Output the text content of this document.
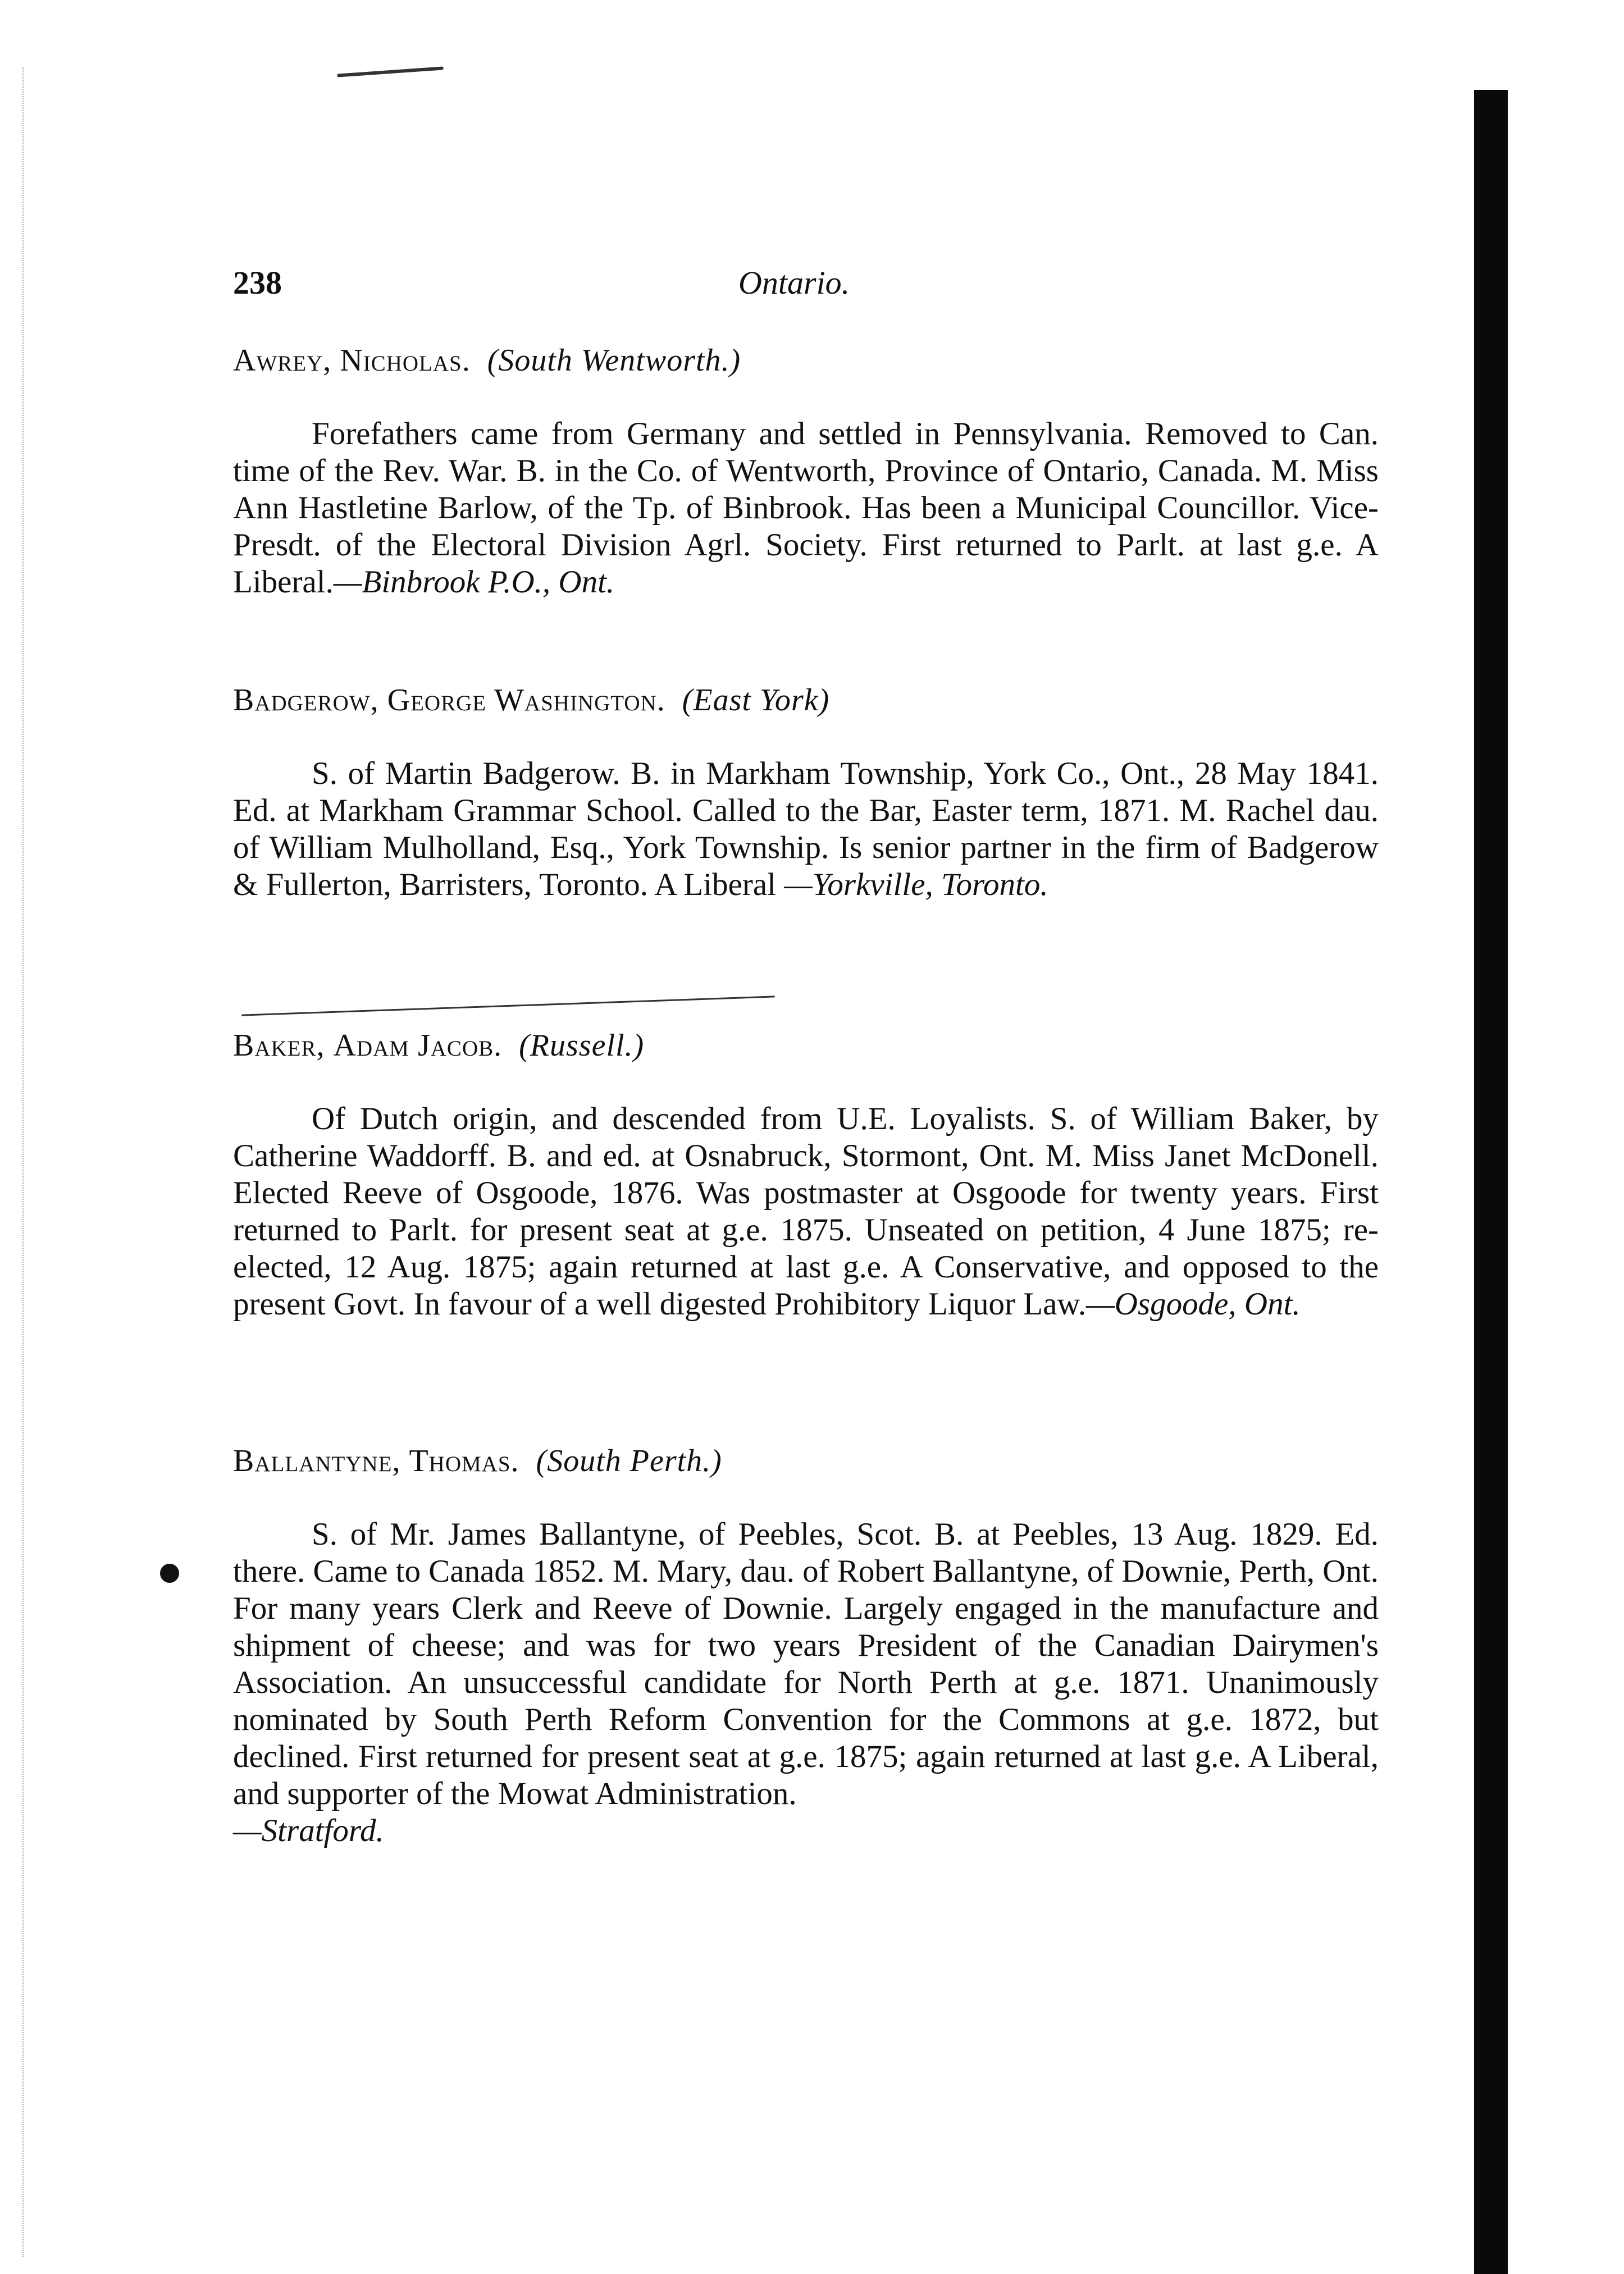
238	Ontario.
Awrey, Nicholas. (South Wentworth.)
Forefathers came from Germany and settled in Pennsylvania. Removed to Can. time of the Rev. War. B. in the Co. of Wentworth, Province of Ontario, Canada. M. Miss Ann Hastletine Barlow, of the Tp. of Binbrook. Has been a Municipal Councillor. Vice-Presdt. of the Electoral Division Agrl. Society. First returned to Parlt. at last g.e. A Liberal.—Binbrook P.O., Ont.
Badgerow, George Washington. (East York)
S. of Martin Badgerow. B. in Markham Township, York Co., Ont., 28 May 1841. Ed. at Markham Grammar School. Called to the Bar, Easter term, 1871. M. Rachel dau. of William Mulholland, Esq., York Township. Is senior partner in the firm of Badgerow & Fullerton, Barristers, Toronto. A Liberal —Yorkville, Toronto.
Baker, Adam Jacob. (Russell.)
Of Dutch origin, and descended from U.E. Loyalists. S. of William Baker, by Catherine Waddorff. B. and ed. at Osnabruck, Stormont, Ont. M. Miss Janet McDonell. Elected Reeve of Osgoode, 1876. Was postmaster at Osgoode for twenty years. First returned to Parlt. for present seat at g.e. 1875. Unseated on petition, 4 June 1875; re-elected, 12 Aug. 1875; again returned at last g.e. A Conservative, and opposed to the present Govt. In favour of a well digested Prohibitory Liquor Law.—Osgoode, Ont.
Ballantyne, Thomas. (South Perth.)
S. of Mr. James Ballantyne, of Peebles, Scot. B. at Peebles, 13 Aug. 1829. Ed. there. Came to Canada 1852. M. Mary, dau. of Robert Ballantyne, of Downie, Perth, Ont. For many years Clerk and Reeve of Downie. Largely engaged in the manufacture and shipment of cheese; and was for two years President of the Canadian Dairymen's Association. An unsuccessful candidate for North Perth at g.e. 1871. Unanimously nominated by South Perth Reform Convention for the Commons at g.e. 1872, but declined. First returned for present seat at g.e. 1875; again returned at last g.e. A Liberal, and supporter of the Mowat Administration.
—Stratford.
